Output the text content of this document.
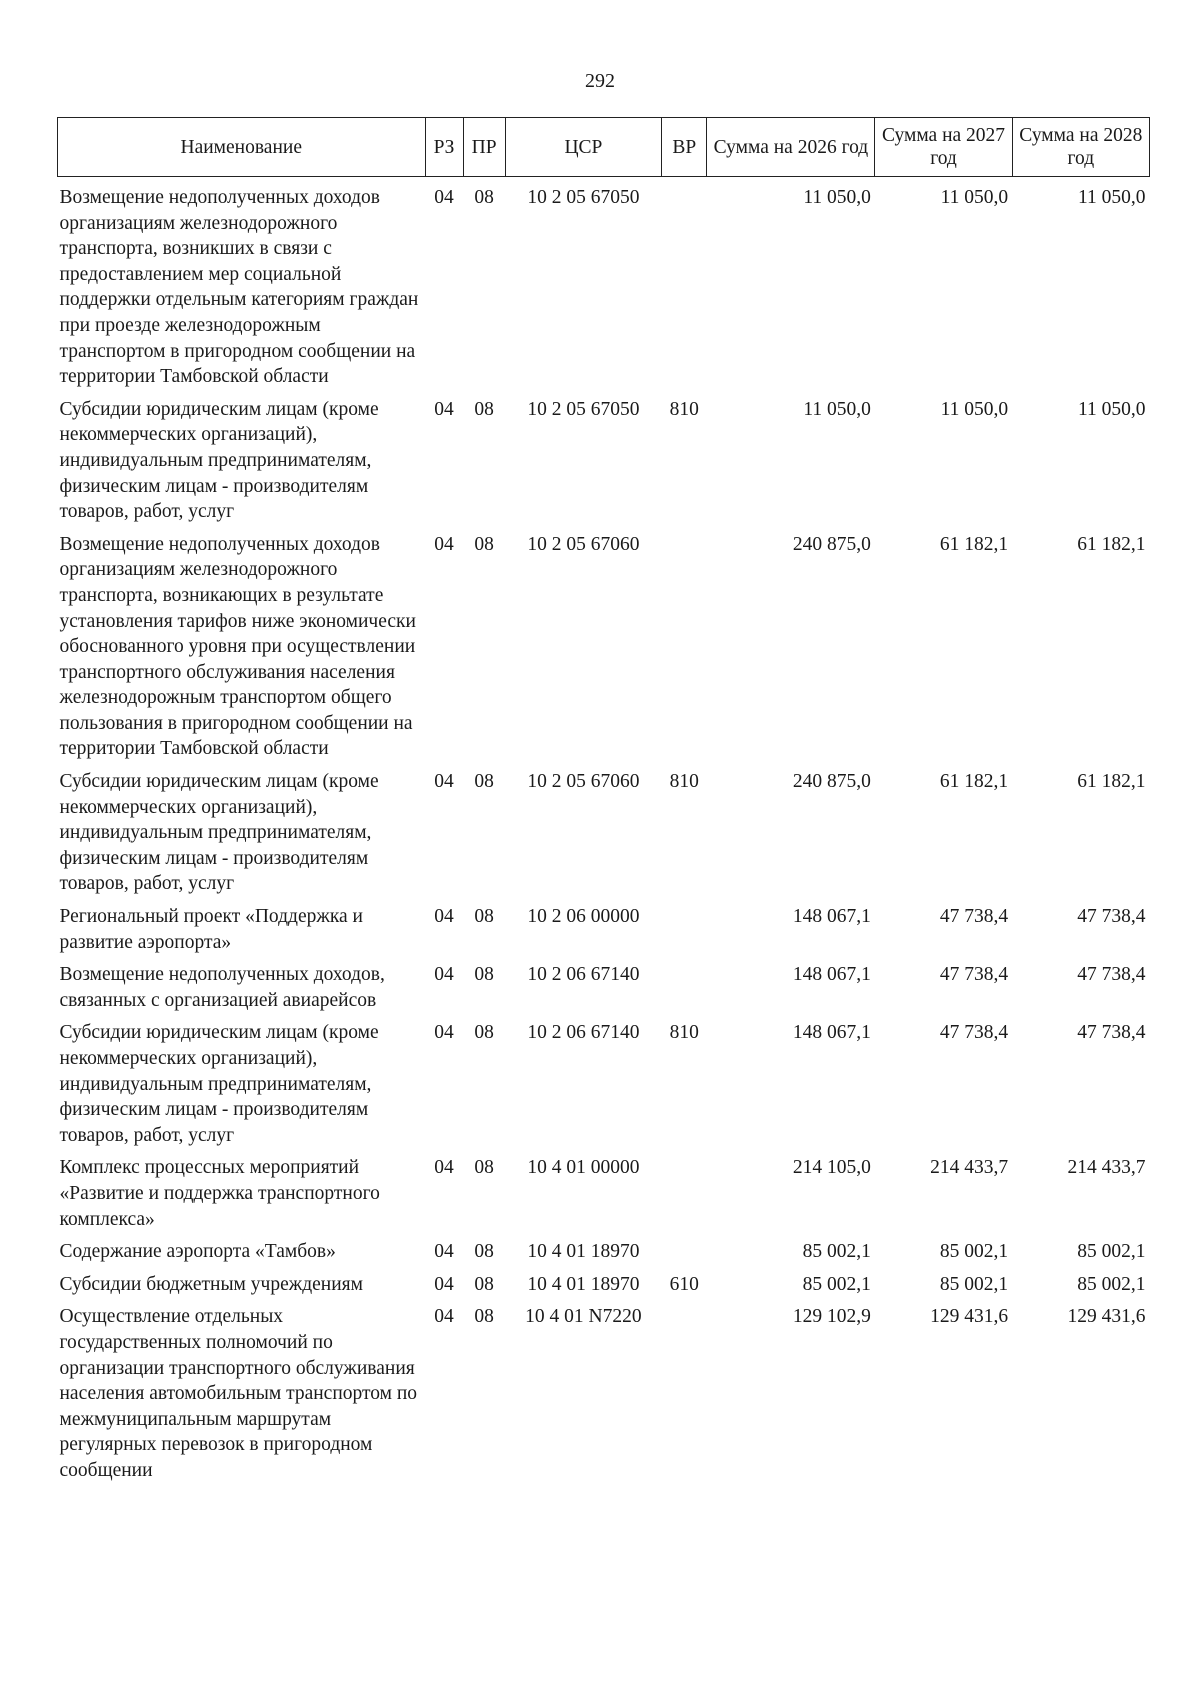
292
Наименование	РЗ	ПР	ЦСР	ВР	Сумма на 2026 год	Сумма на 2027 год	Сумма на 2028 год
Возмещение недополученных доходов организациям железнодорожного транспорта, возникших в связи с предоставлением мер социальной поддержки отдельным категориям граждан при проезде железнодорожным транспортом в пригородном сообщении на территории Тамбовской области	04	08	10 2 05 67050		11 050,0	11 050,0	11 050,0
Субсидии юридическим лицам (кроме некоммерческих организаций), индивидуальным предпринимателям, физическим лицам - производителям товаров, работ, услуг	04	08	10 2 05 67050	810	11 050,0	11 050,0	11 050,0
Возмещение недополученных доходов организациям железнодорожного транспорта, возникающих в результате установления тарифов ниже экономически обоснованного уровня при осуществлении транспортного обслуживания населения железнодорожным транспортом общего пользования в пригородном сообщении на территории Тамбовской области	04	08	10 2 05 67060		240 875,0	61 182,1	61 182,1
Субсидии юридическим лицам (кроме некоммерческих организаций), индивидуальным предпринимателям, физическим лицам - производителям товаров, работ, услуг	04	08	10 2 05 67060	810	240 875,0	61 182,1	61 182,1
Региональный проект «Поддержка и развитие аэропорта»	04	08	10 2 06 00000		148 067,1	47 738,4	47 738,4
Возмещение недополученных доходов, связанных с организацией авиарейсов	04	08	10 2 06 67140		148 067,1	47 738,4	47 738,4
Субсидии юридическим лицам (кроме некоммерческих организаций), индивидуальным предпринимателям, физическим лицам - производителям товаров, работ, услуг	04	08	10 2 06 67140	810	148 067,1	47 738,4	47 738,4
Комплекс процессных мероприятий «Развитие и поддержка транспортного комплекса»	04	08	10 4 01 00000		214 105,0	214 433,7	214 433,7
Содержание аэропорта «Тамбов»	04	08	10 4 01 18970		85 002,1	85 002,1	85 002,1
Субсидии бюджетным учреждениям	04	08	10 4 01 18970	610	85 002,1	85 002,1	85 002,1
Осуществление отдельных государственных полномочий по организации транспортного обслуживания населения автомобильным транспортом по межмуниципальным маршрутам регулярных перевозок в пригородном сообщении	04	08	10 4 01 N7220		129 102,9	129 431,6	129 431,6
